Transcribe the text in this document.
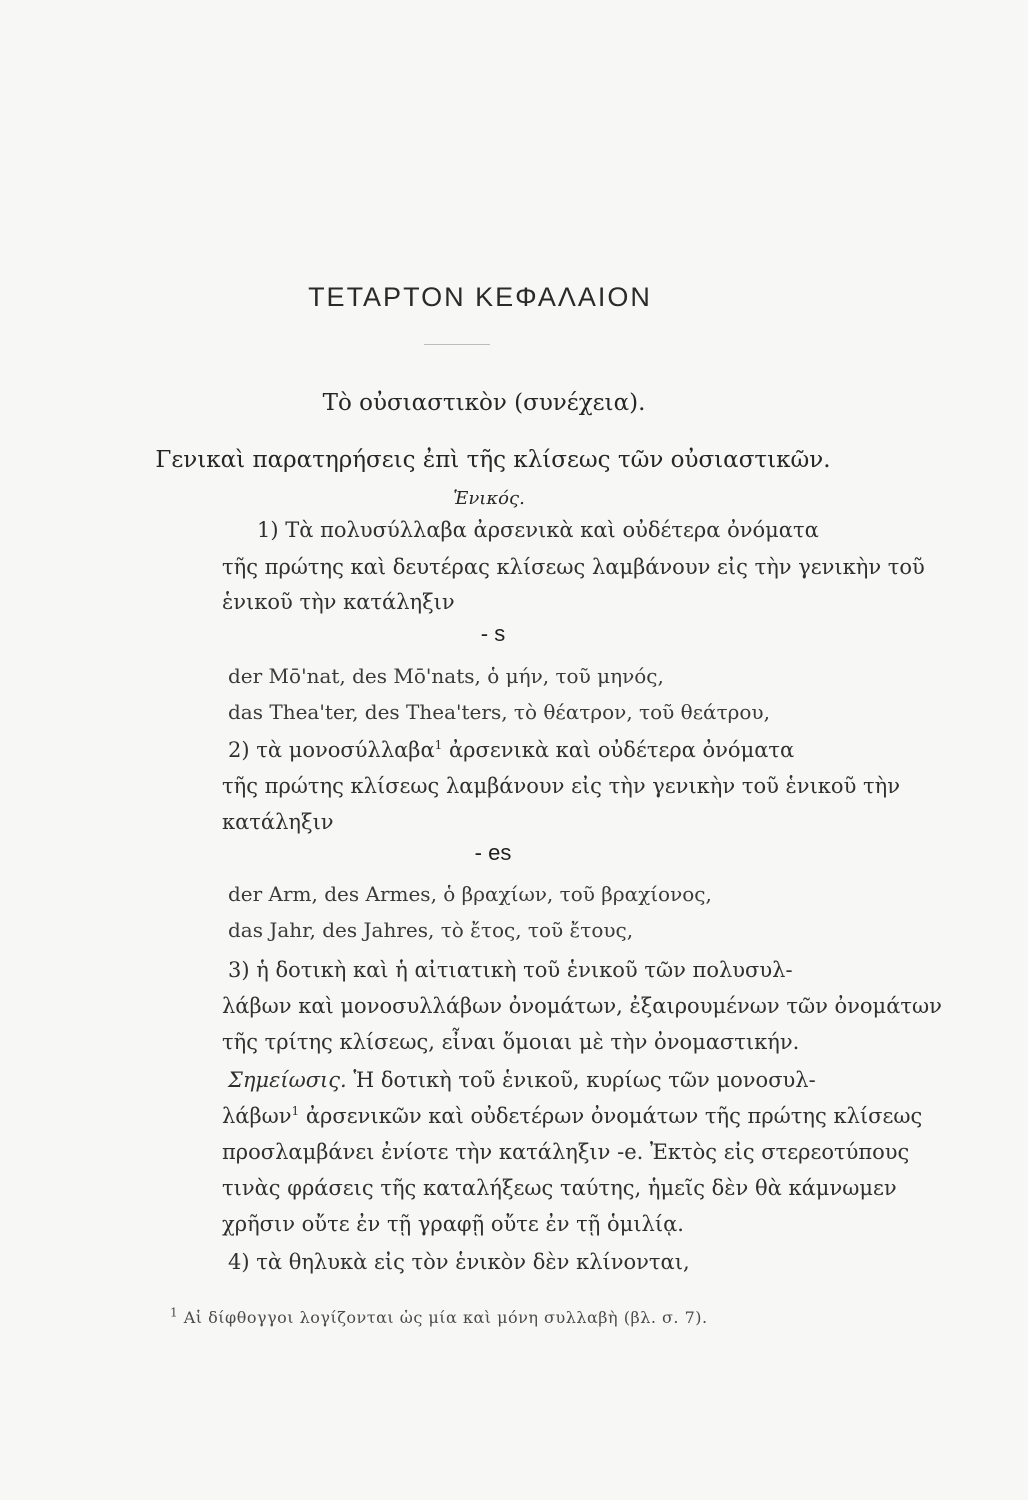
ΤΕΤΑΡΤΟΝ ΚΕΦΑΛΑΙΟΝ
Τὸ οὐσιαστικὸν (συνέχεια).
Γενικαὶ παρατηρήσεις ἐπὶ τῆς κλίσεως τῶν οὐσιαστικῶν.
Ἑνικός.
1) Τὰ πολυσύλλαβα ἀρσενικὰ καὶ οὐδέτερα ὀνόματα
τῆς πρώτης καὶ δευτέρας κλίσεως λαμβάνουν εἰς τὴν γενικὴν τοῦ
ἑνικοῦ τὴν κατάληξιν
- s
der Mō'nat, des Mō'nats, ὁ μήν, τοῦ μηνός,
das Thea'ter, des Thea'ters, τὸ θέατρον, τοῦ θεάτρου,
2) τὰ μονοσύλλαβα$^1$ ἀρσενικὰ καὶ οὐδέτερα ὀνόματα
τῆς πρώτης κλίσεως λαμβάνουν εἰς τὴν γενικὴν τοῦ ἑνικοῦ τὴν
κατάληξιν
- es
der Arm, des Armes, ὁ βραχίων, τοῦ βραχίονος,
das Jahr, des Jahres, τὸ ἔτος, τοῦ ἔτους,
3) ἡ δοτικὴ καὶ ἡ αἰτιατικὴ τοῦ ἑνικοῦ τῶν πολυσυλ-
λάβων καὶ μονοσυλλάβων ὀνομάτων, ἐξαιρουμένων τῶν ὀνομάτων
τῆς τρίτης κλίσεως, εἶναι ὅμοιαι μὲ τὴν ὀνομαστικήν.
Σημείωσις. Ἡ δοτικὴ τοῦ ἑνικοῦ, κυρίως τῶν μονοσυλ-
λάβων$^1$ ἀρσενικῶν καὶ οὐδετέρων ὀνομάτων τῆς πρώτης κλίσεως
προσλαμβάνει ἐνίοτε τὴν κατάληξιν -e. Ἐκτὸς εἰς στερεοτύπους
τινὰς φράσεις τῆς καταλήξεως ταύτης, ἡμεῖς δὲν θὰ κάμνωμεν
χρῆσιν οὔτε ἐν τῇ γραφῇ οὔτε ἐν τῇ ὁμιλίᾳ.
4) τὰ θηλυκὰ εἰς τὸν ἑνικὸν δὲν κλίνονται,
$^1$ Αἱ δίφθογγοι λογίζονται ὡς μία καὶ μόνη συλλαβὴ (βλ. σ. 7).
